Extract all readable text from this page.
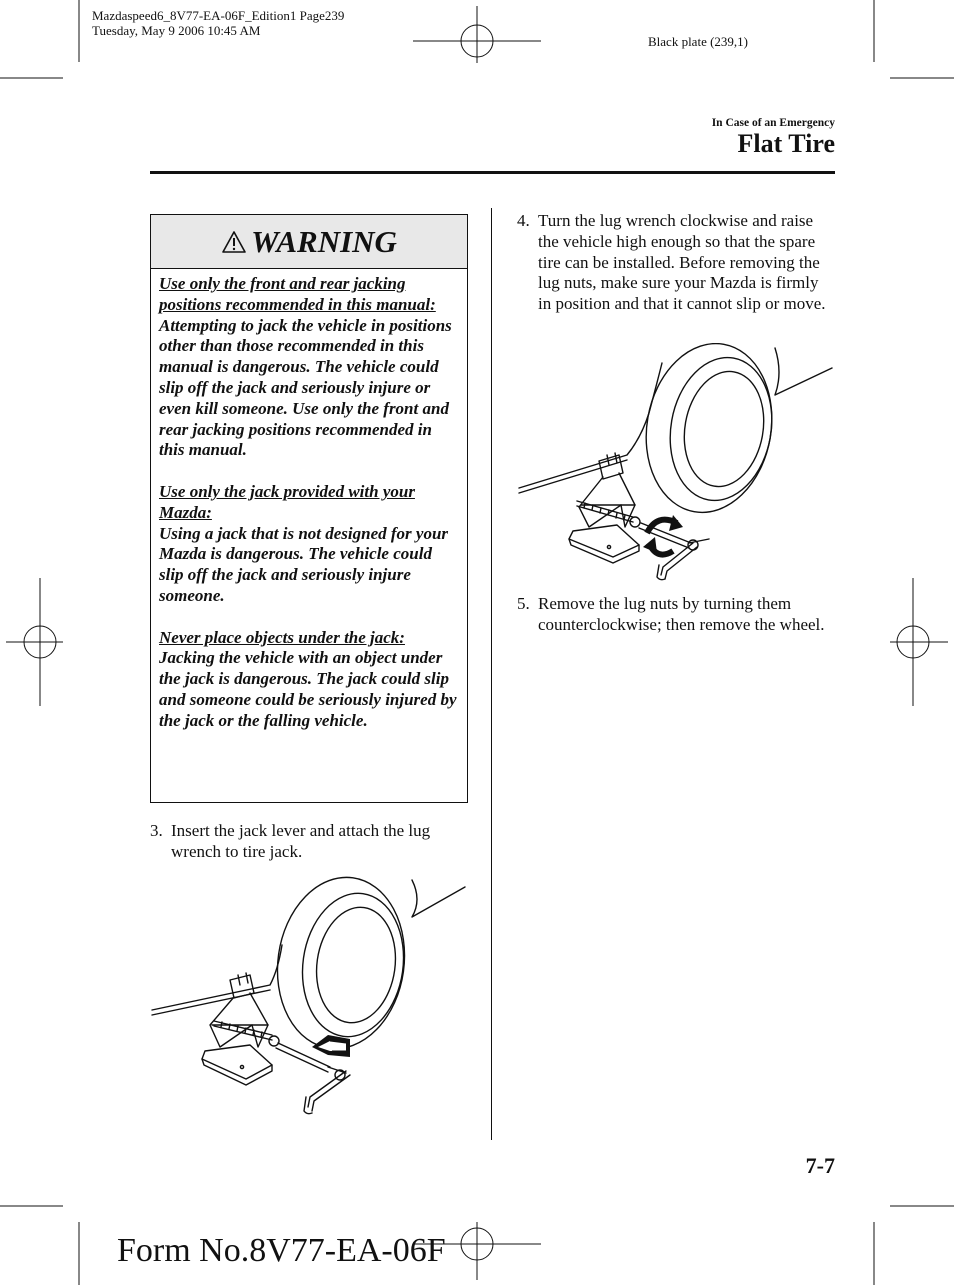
Mazdaspeed6_8V77-EA-06F_Edition1 Page239
Tuesday, May 9 2006 10:45 AM
Black plate (239,1)
In Case of an Emergency
Flat Tire
WARNING

Use only the front and rear jacking positions recommended in this manual:
Attempting to jack the vehicle in positions other than those recommended in this manual is dangerous. The vehicle could slip off the jack and seriously injure or even kill someone. Use only the front and rear jacking positions recommended in this manual.

Use only the jack provided with your Mazda:
Using a jack that is not designed for your Mazda is dangerous. The vehicle could slip off the jack and seriously injure someone.

Never place objects under the jack:
Jacking the vehicle with an object under the jack is dangerous. The jack could slip and someone could be seriously injured by the jack or the falling vehicle.

3. Insert the jack lever and attach the lug wrench to tire jack.
4. Turn the lug wrench clockwise and raise the vehicle high enough so that the spare tire can be installed. Before removing the lug nuts, make sure your Mazda is firmly in position and that it cannot slip or move.
5. Remove the lug nuts by turning them counterclockwise; then remove the wheel.
7-7
Form No.8V77-EA-06F
